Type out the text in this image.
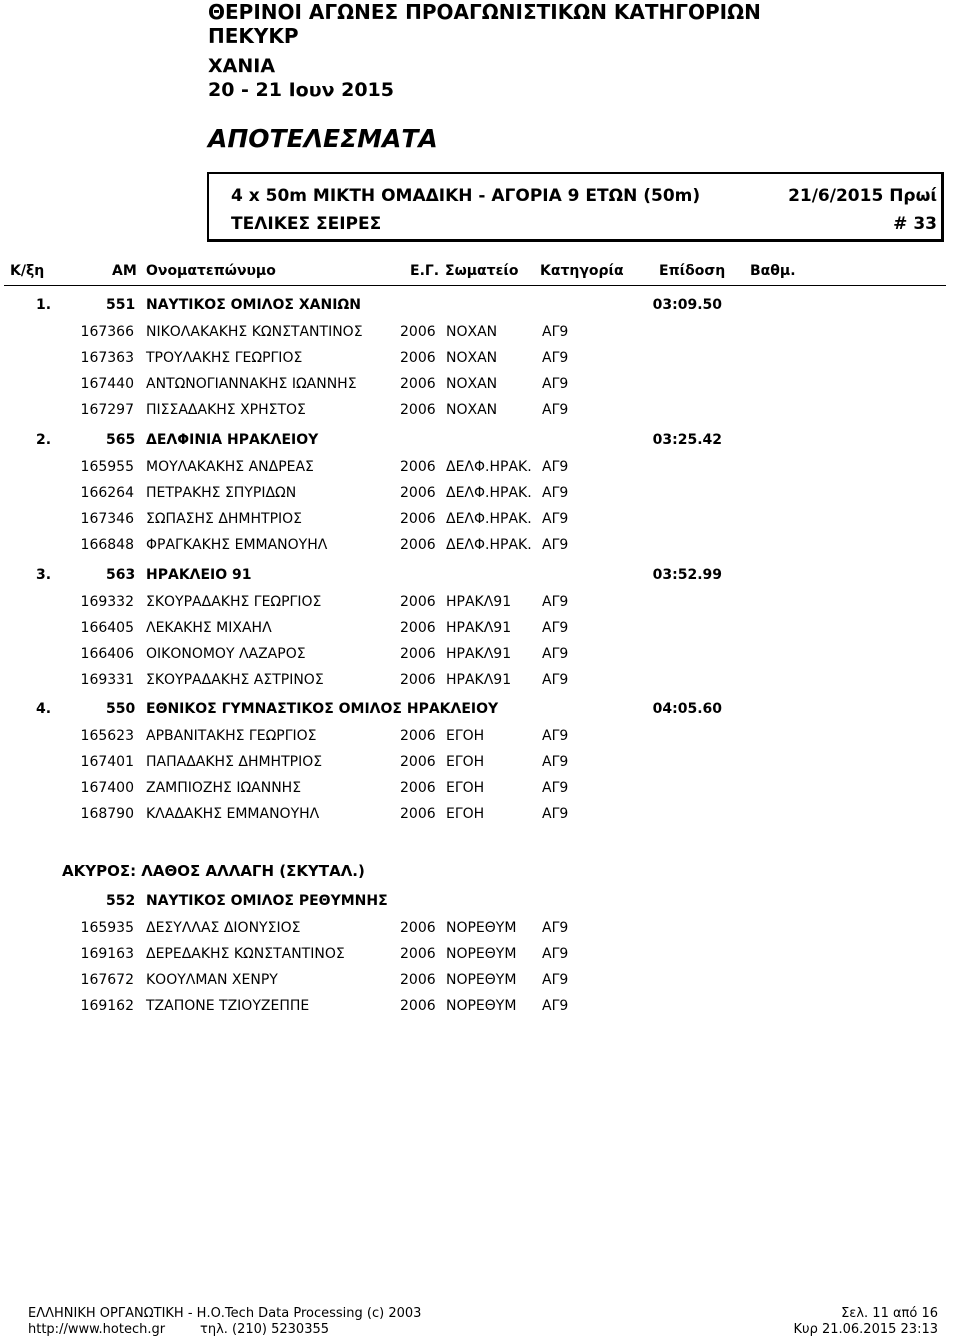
ΘΕΡΙΝΟΙ ΑΓΩΝΕΣ ΠΡΟΑΓΩΝΙΣΤΙΚΩΝ ΚΑΤΗΓΟΡΙΩΝ
ΠΕΚΥΚΡ
ΧΑΝΙΑ
20 - 21 Ιουν 2015
ΑΠΟΤΕΛΕΣΜΑΤΑ
4 x 50m ΜΙΚΤΗ ΟΜΑΔΙΚΗ - ΑΓΟΡΙΑ 9 ΕΤΩΝ (50m)	21/6/2015 Πρωί
ΤΕΛΙΚΕΣ ΣΕΙΡΕΣ	# 33
Κ/ξη	ΑΜ Ονοματεπώνυμο	Ε.Γ. Σωματείο Κατηγορία	Επίδοση Βαθμ.
1.	551 ΝΑΥΤΙΚΟΣ ΟΜΙΛΟΣ ΧΑΝΙΩΝ	03:09.50
167366 ΝΙΚΟΛΑΚΑΚΗΣ ΚΩΝΣΤΑΝΤΙΝΟΣ	2006 ΝΟΧΑΝ	ΑΓ9
167363 ΤΡΟΥΛΑΚΗΣ ΓΕΩΡΓΙΟΣ	2006 ΝΟΧΑΝ	ΑΓ9
167440 ΑΝΤΩΝΟΓΙΑΝΝΑΚΗΣ ΙΩΑΝΝΗΣ	2006 ΝΟΧΑΝ	ΑΓ9
167297 ΠΙΣΣΑΔΑΚΗΣ ΧΡΗΣΤΟΣ	2006 ΝΟΧΑΝ	ΑΓ9
2.	565 ΔΕΛΦΙΝΙΑ ΗΡΑΚΛΕΙΟΥ	03:25.42
165955 ΜΟΥΛΑΚΑΚΗΣ ΑΝΔΡΕΑΣ	2006 ΔΕΛΦ.ΗΡΑΚ. ΑΓ9
166264 ΠΕΤΡΑΚΗΣ ΣΠΥΡΙΔΩΝ	2006 ΔΕΛΦ.ΗΡΑΚ. ΑΓ9
167346 ΣΩΠΑΣΗΣ ΔΗΜΗΤΡΙΟΣ	2006 ΔΕΛΦ.ΗΡΑΚ. ΑΓ9
166848 ΦΡΑΓΚΑΚΗΣ ΕΜΜΑΝΟΥΗΛ	2006 ΔΕΛΦ.ΗΡΑΚ. ΑΓ9
3.	563 ΗΡΑΚΛΕΙΟ 91	03:52.99
169332 ΣΚΟΥΡΑΔΑΚΗΣ ΓΕΩΡΓΙΟΣ	2006 ΗΡΑΚΛ91 ΑΓ9
166405 ΛΕΚΑΚΗΣ ΜΙΧΑΗΛ	2006 ΗΡΑΚΛ91 ΑΓ9
166406 ΟΙΚΟΝΟΜΟΥ ΛΑΖΑΡΟΣ	2006 ΗΡΑΚΛ91 ΑΓ9
169331 ΣΚΟΥΡΑΔΑΚΗΣ ΑΣΤΡΙΝΟΣ	2006 ΗΡΑΚΛ91 ΑΓ9
4.	550 ΕΘΝΙΚΟΣ ΓΥΜΝΑΣΤΙΚΟΣ ΟΜΙΛΟΣ ΗΡΑΚΛΕΙΟΥ	04:05.60
165623 ΑΡΒΑΝΙΤΑΚΗΣ ΓΕΩΡΓΙΟΣ	2006 ΕΓΟΗ	ΑΓ9
167401 ΠΑΠΑΔΑΚΗΣ ΔΗΜΗΤΡΙΟΣ	2006 ΕΓΟΗ	ΑΓ9
167400 ΖΑΜΠΙΟΖΗΣ ΙΩΑΝΝΗΣ	2006 ΕΓΟΗ	ΑΓ9
168790 ΚΛΑΔΑΚΗΣ ΕΜΜΑΝΟΥΗΛ	2006 ΕΓΟΗ	ΑΓ9
ΑΚΥΡΟΣ: ΛΑΘΟΣ ΑΛΛΑΓΗ (ΣΚΥΤΑΛ.)
552 ΝΑΥΤΙΚΟΣ ΟΜΙΛΟΣ ΡΕΘΥΜΝΗΣ
165935 ΔΕΣΥΛΛΑΣ ΔΙΟΝΥΣΙΟΣ	2006 ΝΟΡΕΘΥΜ ΑΓ9
169163 ΔΕΡΕΔΑΚΗΣ ΚΩΝΣΤΑΝΤΙΝΟΣ	2006 ΝΟΡΕΘΥΜ ΑΓ9
167672 ΚΟΟΥΛΜΑΝ ΧΕΝΡΥ	2006 ΝΟΡΕΘΥΜ ΑΓ9
169162 ΤΖΑΠΟΝΕ ΤΖΙΟΥΖΕΠΠΕ	2006 ΝΟΡΕΘΥΜ ΑΓ9
ΕΛΛΗΝΙΚΗ ΟΡΓΑΝΩΤΙΚΗ - Η.Ο.Tech Data Processing (c) 2003
http://www.hotech.gr	τηλ. (210) 5230355
Σελ. 11 από 16
Κυρ 21.06.2015 23:13
